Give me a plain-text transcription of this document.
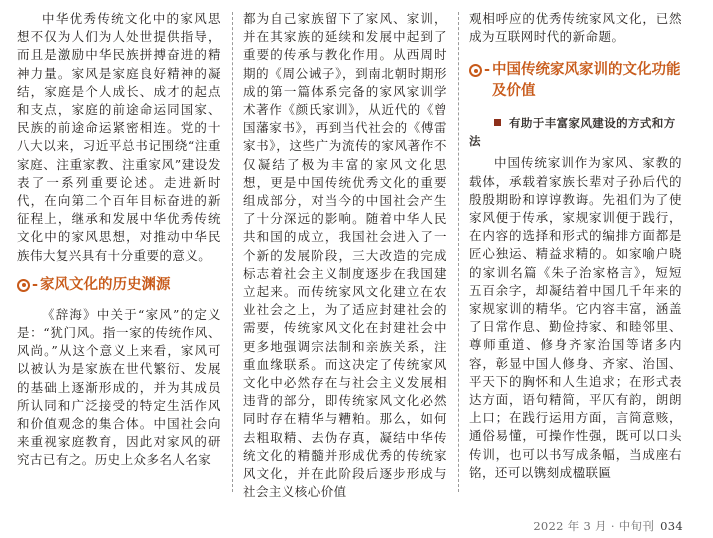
中华优秀传统文化中的家风思想不仅为人们为人处世提供指导，而且是激励中华民族拼搏奋进的精神力量。家风是家庭良好精神的凝结，家庭是个人成长、成才的起点和支点，家庭的前途命运同国家、民族的前途命运紧密相连。党的十八大以来，习近平总书记围绕“注重家庭、注重家教、注重家风”建设发表了一系列重要论述。走进新时代，在向第二个百年目标奋进的新征程上，继承和发展中华优秀传统文化中的家风思想，对推动中华民族伟大复兴具有十分重要的意义。

- 家风文化的历史渊源

《辞海》中关于“家风”的定义是：“犹门风。指一家的传统作风、风尚。”从这个意义上来看，家风可以被认为是家族在世代繁衍、发展的基础上逐渐形成的，并为其成员所认同和广泛接受的特定生活作风和价值观念的集合体。中国社会向来重视家庭教育，因此对家风的研究古已有之。历史上众多名人名家

都为自己家族留下了家风、家训，并在其家族的延续和发展中起到了重要的传承与教化作用。从西周时期的《周公诫子》，到南北朝时期形成的第一篇体系完备的家风家训学术著作《颜氏家训》，从近代的《曾国藩家书》，再到当代社会的《傅雷家书》，这些广为流传的家风著作不仅凝结了极为丰富的家风文化思想，更是中国传统优秀文化的重要组成部分，对当今的中国社会产生了十分深远的影响。随着中华人民共和国的成立，我国社会进入了一个新的发展阶段，三大改造的完成标志着社会主义制度逐步在我国建立起来。而传统家风文化建立在农业社会之上，为了适应封建社会的需要，传统家风文化在封建社会中更多地强调宗法制和亲族关系，注重血缘联系。而这决定了传统家风文化中必然存在与社会主义发展相违背的部分，即传统家风文化必然同时存在精华与糟粕。那么，如何去粗取精、去伪存真，凝结中华传统文化的精髓并形成优秀的传统家风文化，并在此阶段后逐步形成与社会主义核心价值

观相呼应的优秀传统家风文化，已然成为互联网时代的新命题。

- 中国传统家风家训的文化功能及价值
有助于丰富家风建设的方式和方法

中国传统家训作为家风、家教的载体，承载着家族长辈对子孙后代的殷殷期盼和谆谆教诲。先祖们为了使家风便于传承，家规家训便于践行，在内容的选择和形式的编排方面都是匠心独运、精益求精的。如家喻户晓的家训名篇《朱子治家格言》，短短五百余字，却凝结着中国几千年来的家规家训的精华。它内容丰富，涵盖了日常作息、勤俭持家、和睦邻里、尊师重道、修身齐家治国等诸多内容，彰显中国人修身、齐家、治国、平天下的胸怀和人生追求；在形式表达方面，语句精简，平仄有韵，朗朗上口；在践行运用方面，言简意赅，通俗易懂，可操作性强，既可以口头传训，也可以书写成条幅，当成座右铭，还可以镌刻成楹联匾

2022 年 3 月 · 中旬刊 034
